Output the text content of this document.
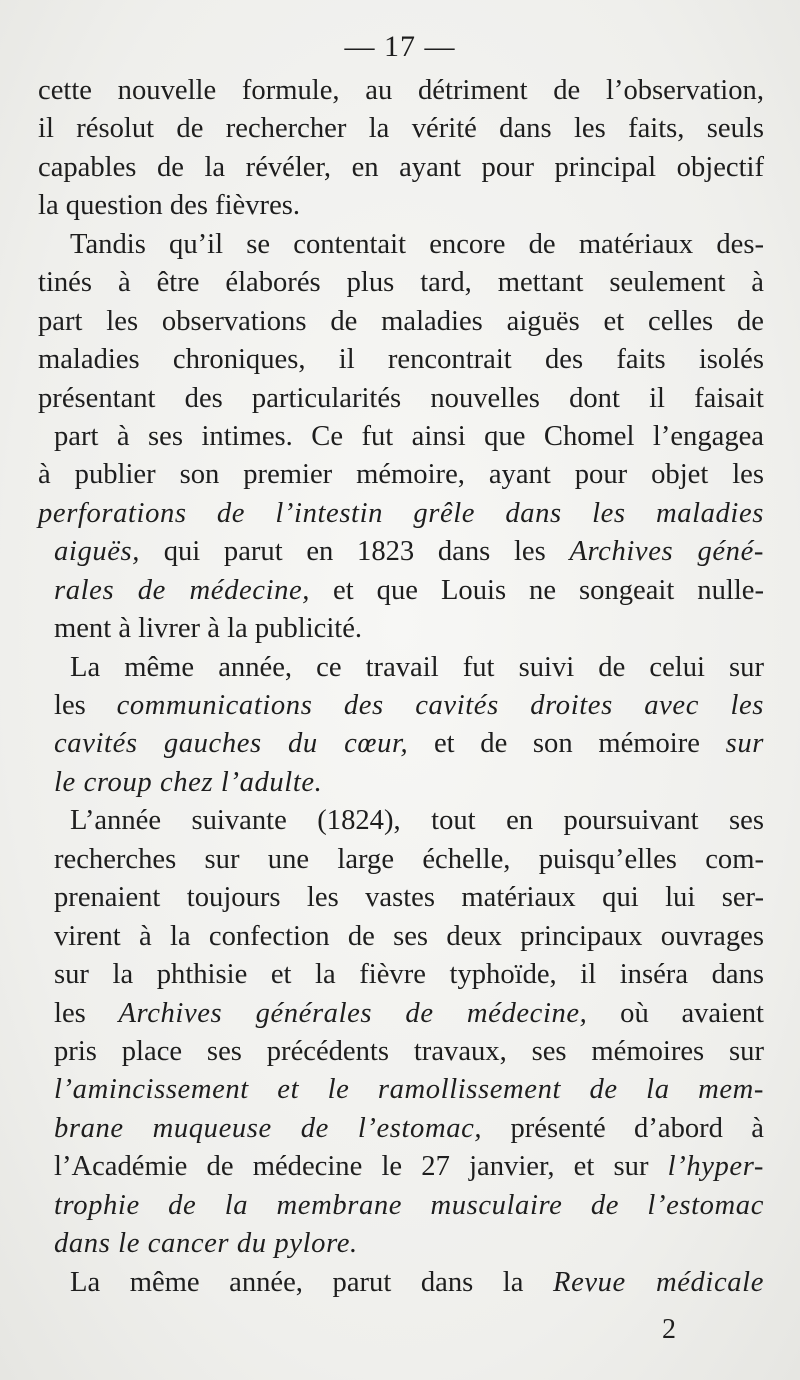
— 17 —
cette nouvelle formule, au détriment de l’observation,
il résolut de rechercher la vérité dans les faits, seuls
capables de la révéler, en ayant pour principal objectif
la question des fièvres.
Tandis qu’il se contentait encore de matériaux des-
tinés à être élaborés plus tard, mettant seulement à
part les observations de maladies aiguës et celles de
maladies chroniques, il rencontrait des faits isolés
présentant des particularités nouvelles dont il faisait
part à ses intimes. Ce fut ainsi que Chomel l’engagea
à publier son premier mémoire, ayant pour objet les
perforations de l’intestin grêle dans les maladies
aiguës, qui parut en 1823 dans les Archives géné-
rales de médecine, et que Louis ne songeait nulle-
ment à livrer à la publicité.
La même année, ce travail fut suivi de celui sur
les communications des cavités droites avec les
cavités gauches du cœur, et de son mémoire sur
le croup chez l’adulte.
L’année suivante (1824), tout en poursuivant ses
recherches sur une large échelle, puisqu’elles com-
prenaient toujours les vastes matériaux qui lui ser-
virent à la confection de ses deux principaux ouvrages
sur la phthisie et la fièvre typhoïde, il inséra dans
les Archives générales de médecine, où avaient
pris place ses précédents travaux, ses mémoires sur
l’amincissement et le ramollissement de la mem-
brane muqueuse de l’estomac, présenté d’abord à
l’Académie de médecine le 27 janvier, et sur l’hyper-
trophie de la membrane musculaire de l’estomac
dans le cancer du pylore.
La même année, parut dans la Revue médicale
2
